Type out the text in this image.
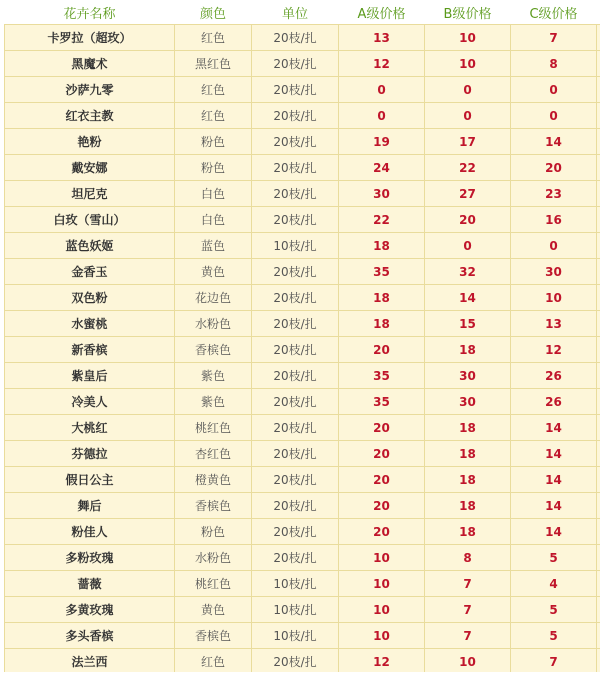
花卉名称	颜色	单位	A级价格	B级价格	C级价格	
卡罗拉（超玫）	红色	20枝/扎	13	10	7	
黑魔术	黑红色	20枝/扎	12	10	8	
沙萨九零	红色	20枝/扎	0	0	0	
红衣主教	红色	20枝/扎	0	0	0	
艳粉	粉色	20枝/扎	19	17	14	
戴安娜	粉色	20枝/扎	24	22	20	
坦尼克	白色	20枝/扎	30	27	23	
白玫（雪山）	白色	20枝/扎	22	20	16	
蓝色妖姬	蓝色	10枝/扎	18	0	0	
金香玉	黄色	20枝/扎	35	32	30	
双色粉	花边色	20枝/扎	18	14	10	
水蜜桃	水粉色	20枝/扎	18	15	13	
新香槟	香槟色	20枝/扎	20	18	12	
紫皇后	紫色	20枝/扎	35	30	26	
冷美人	紫色	20枝/扎	35	30	26	
大桃红	桃红色	20枝/扎	20	18	14	
芬德拉	杏红色	20枝/扎	20	18	14	
假日公主	橙黄色	20枝/扎	20	18	14	
舞后	香槟色	20枝/扎	20	18	14	
粉佳人	粉色	20枝/扎	20	18	14	
多粉玫瑰	水粉色	20枝/扎	10	8	5	
蔷薇	桃红色	10枝/扎	10	7	4	
多黄玫瑰	黄色	10枝/扎	10	7	5	
多头香槟	香槟色	10枝/扎	10	7	5	
法兰西	红色	20枝/扎	12	10	7	
